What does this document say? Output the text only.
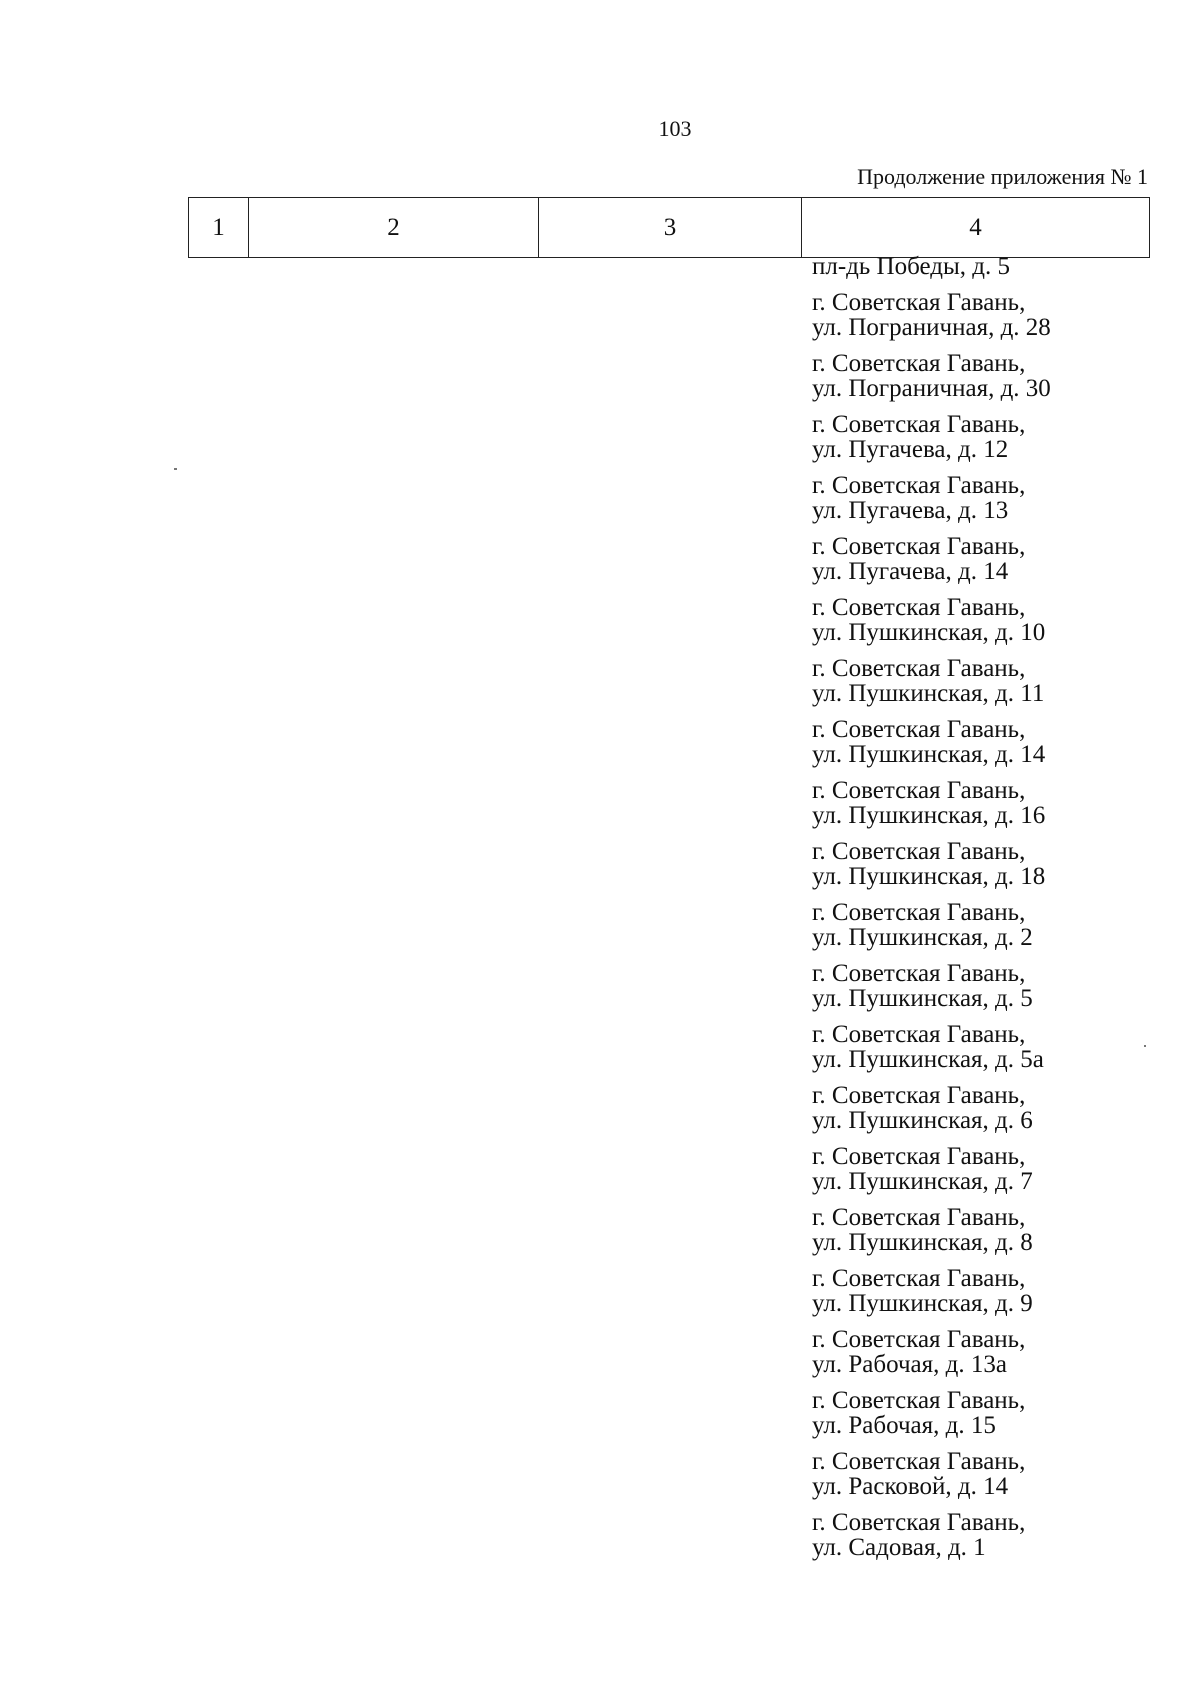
103
Продолжение приложения № 1
1	2	3	4
пл-дь Победы, д. 5
г. Советская Гавань,
ул. Пограничная, д. 28
г. Советская Гавань,
ул. Пограничная, д. 30
г. Советская Гавань,
ул. Пугачева, д. 12
г. Советская Гавань,
ул. Пугачева, д. 13
г. Советская Гавань,
ул. Пугачева, д. 14
г. Советская Гавань,
ул. Пушкинская, д. 10
г. Советская Гавань,
ул. Пушкинская, д. 11
г. Советская Гавань,
ул. Пушкинская, д. 14
г. Советская Гавань,
ул. Пушкинская, д. 16
г. Советская Гавань,
ул. Пушкинская, д. 18
г. Советская Гавань,
ул. Пушкинская, д. 2
г. Советская Гавань,
ул. Пушкинская, д. 5
г. Советская Гавань,
ул. Пушкинская, д. 5а
г. Советская Гавань,
ул. Пушкинская, д. 6
г. Советская Гавань,
ул. Пушкинская, д. 7
г. Советская Гавань,
ул. Пушкинская, д. 8
г. Советская Гавань,
ул. Пушкинская, д. 9
г. Советская Гавань,
ул. Рабочая, д. 13а
г. Советская Гавань,
ул. Рабочая, д. 15
г. Советская Гавань,
ул. Расковой, д. 14
г. Советская Гавань,
ул. Садовая, д. 1
